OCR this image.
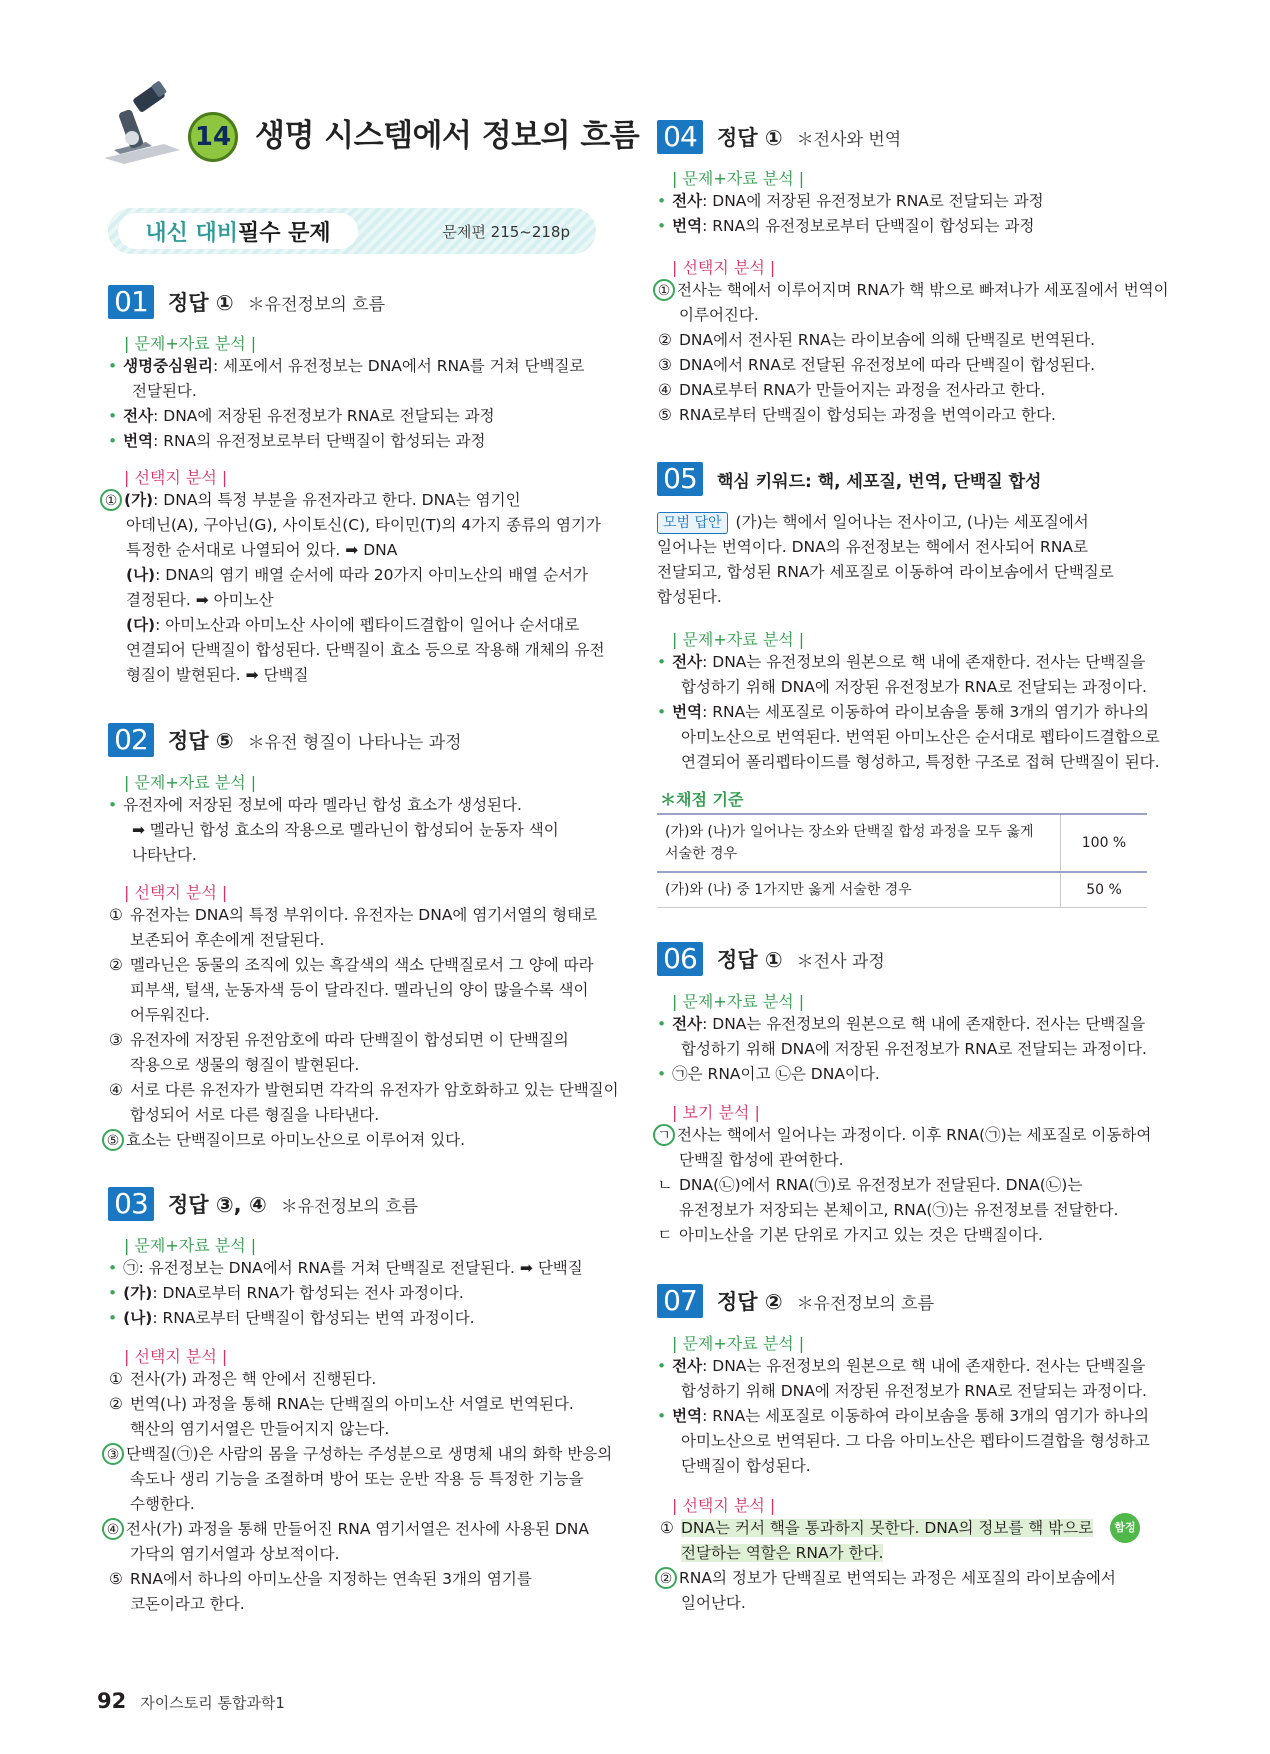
14 생명 시스템에서 정보의 흐름
내신 대비 필수 문제	문제편 215~218p
01 정답 ① ＊유전정보의 흐름
| 문제+자료 분석 |

• 생명중심원리: 세포에서 유전정보는 DNA에서 RNA를 거쳐 단백질로

전달된다.

• 전사: DNA에 저장된 유전정보가 RNA로 전달되는 과정

• 번역: RNA의 유전정보로부터 단백질이 합성되는 과정

| 선택지 분석 |

① (가): DNA의 특정 부분을 유전자라고 한다. DNA는 염기인

아데닌(A), 구아닌(G), 사이토신(C), 타이민(T)의 4가지 종류의 염기가

특정한 순서대로 나열되어 있다. ➡ DNA

(나): DNA의 염기 배열 순서에 따라 20가지 아미노산의 배열 순서가

결정된다. ➡ 아미노산

(다): 아미노산과 아미노산 사이에 펩타이드결합이 일어나 순서대로

연결되어 단백질이 합성된다. 단백질이 효소 등으로 작용해 개체의 유전

형질이 발현된다. ➡ 단백질

02 정답 ⑤ ＊유전 형질이 나타나는 과정
| 문제+자료 분석 |

• 유전자에 저장된 정보에 따라 멜라닌 합성 효소가 생성된다.

➡ 멜라닌 합성 효소의 작용으로 멜라닌이 합성되어 눈동자 색이

나타난다.

| 선택지 분석 |

① 유전자는 DNA의 특정 부위이다. 유전자는 DNA에 염기서열의 형태로

보존되어 후손에게 전달된다.

② 멜라닌은 동물의 조직에 있는 흑갈색의 색소 단백질로서 그 양에 따라

피부색, 털색, 눈동자색 등이 달라진다. 멜라닌의 양이 많을수록 색이

어두워진다.

③ 유전자에 저장된 유전암호에 따라 단백질이 합성되면 이 단백질의

작용으로 생물의 형질이 발현된다.

④ 서로 다른 유전자가 발현되면 각각의 유전자가 암호화하고 있는 단백질이

합성되어 서로 다른 형질을 나타낸다.

⑤ 효소는 단백질이므로 아미노산으로 이루어져 있다.

03 정답 ③, ④ ＊유전정보의 흐름
| 문제+자료 분석 |

• ㉠: 유전정보는 DNA에서 RNA를 거쳐 단백질로 전달된다. ➡ 단백질

• (가): DNA로부터 RNA가 합성되는 전사 과정이다.

• (나): RNA로부터 단백질이 합성되는 번역 과정이다.

| 선택지 분석 |

① 전사(가) 과정은 핵 안에서 진행된다.

② 번역(나) 과정을 통해 RNA는 단백질의 아미노산 서열로 번역된다.

핵산의 염기서열은 만들어지지 않는다.

③ 단백질(㉠)은 사람의 몸을 구성하는 주성분으로 생명체 내의 화학 반응의

속도나 생리 기능을 조절하며 방어 또는 운반 작용 등 특정한 기능을

수행한다.

④ 전사(가) 과정을 통해 만들어진 RNA 염기서열은 전사에 사용된 DNA

가닥의 염기서열과 상보적이다.

⑤ RNA에서 하나의 아미노산을 지정하는 연속된 3개의 염기를

코돈이라고 한다.

04 정답 ① ＊전사와 번역
| 문제+자료 분석 |

• 전사: DNA에 저장된 유전정보가 RNA로 전달되는 과정

• 번역: RNA의 유전정보로부터 단백질이 합성되는 과정

| 선택지 분석 |

① 전사는 핵에서 이루어지며 RNA가 핵 밖으로 빠져나가 세포질에서 번역이

이루어진다.

② DNA에서 전사된 RNA는 라이보솜에 의해 단백질로 번역된다.

③ DNA에서 RNA로 전달된 유전정보에 따라 단백질이 합성된다.

④ DNA로부터 RNA가 만들어지는 과정을 전사라고 한다.

⑤ RNA로부터 단백질이 합성되는 과정을 번역이라고 한다.

05	핵심 키워드: 핵, 세포질, 번역, 단백질 합성

모범 답안 (가)는 핵에서 일어나는 전사이고, (나)는 세포질에서

일어나는 번역이다. DNA의 유전정보는 핵에서 전사되어 RNA로

전달되고, 합성된 RNA가 세포질로 이동하여 라이보솜에서 단백질로

합성된다.

| 문제+자료 분석 |

• 전사: DNA는 유전정보의 원본으로 핵 내에 존재한다. 전사는 단백질을

합성하기 위해 DNA에 저장된 유전정보가 RNA로 전달되는 과정이다.

• 번역: RNA는 세포질로 이동하여 라이보솜을 통해 3개의 염기가 하나의

아미노산으로 번역된다. 번역된 아미노산은 순서대로 펩타이드결합으로

연결되어 폴리펩타이드를 형성하고, 특정한 구조로 접혀 단백질이 된다.

＊채점 기준
(가)와 (나)가 일어나는 장소와 단백질 합성 과정을 모두 옳게
서술한 경우	100 %
(가)와 (나) 중 1가지만 옳게 서술한 경우	50 %
06 정답 ① ＊전사 과정
| 문제+자료 분석 |

• 전사: DNA는 유전정보의 원본으로 핵 내에 존재한다. 전사는 단백질을

합성하기 위해 DNA에 저장된 유전정보가 RNA로 전달되는 과정이다.

• ㉠은 RNA이고 ㉡은 DNA이다.

| 보기 분석 |

ㄱ 전사는 핵에서 일어나는 과정이다. 이후 RNA(㉠)는 세포질로 이동하여

단백질 합성에 관여한다.

ㄴ DNA(㉡)에서 RNA(㉠)로 유전정보가 전달된다. DNA(㉡)는

유전정보가 저장되는 본체이고, RNA(㉠)는 유전정보를 전달한다.

ㄷ 아미노산을 기본 단위로 가지고 있는 것은 단백질이다.

07 정답 ② ＊유전정보의 흐름
| 문제+자료 분석 |

• 전사: DNA는 유전정보의 원본으로 핵 내에 존재한다. 전사는 단백질을

합성하기 위해 DNA에 저장된 유전정보가 RNA로 전달되는 과정이다.

• 번역: RNA는 세포질로 이동하여 라이보솜을 통해 3개의 염기가 하나의

아미노산으로 번역된다. 그 다음 아미노산은 펩타이드결합을 형성하고

단백질이 합성된다.

| 선택지 분석 |

① DNA는 커서 핵을 통과하지 못한다. DNA의 정보를 핵 밖으로

전달하는 역할은 RNA가 한다.

② RNA의 정보가 단백질로 번역되는 과정은 세포질의 라이보솜에서

일어난다.

함정
92 자이스토리 통합과학1
